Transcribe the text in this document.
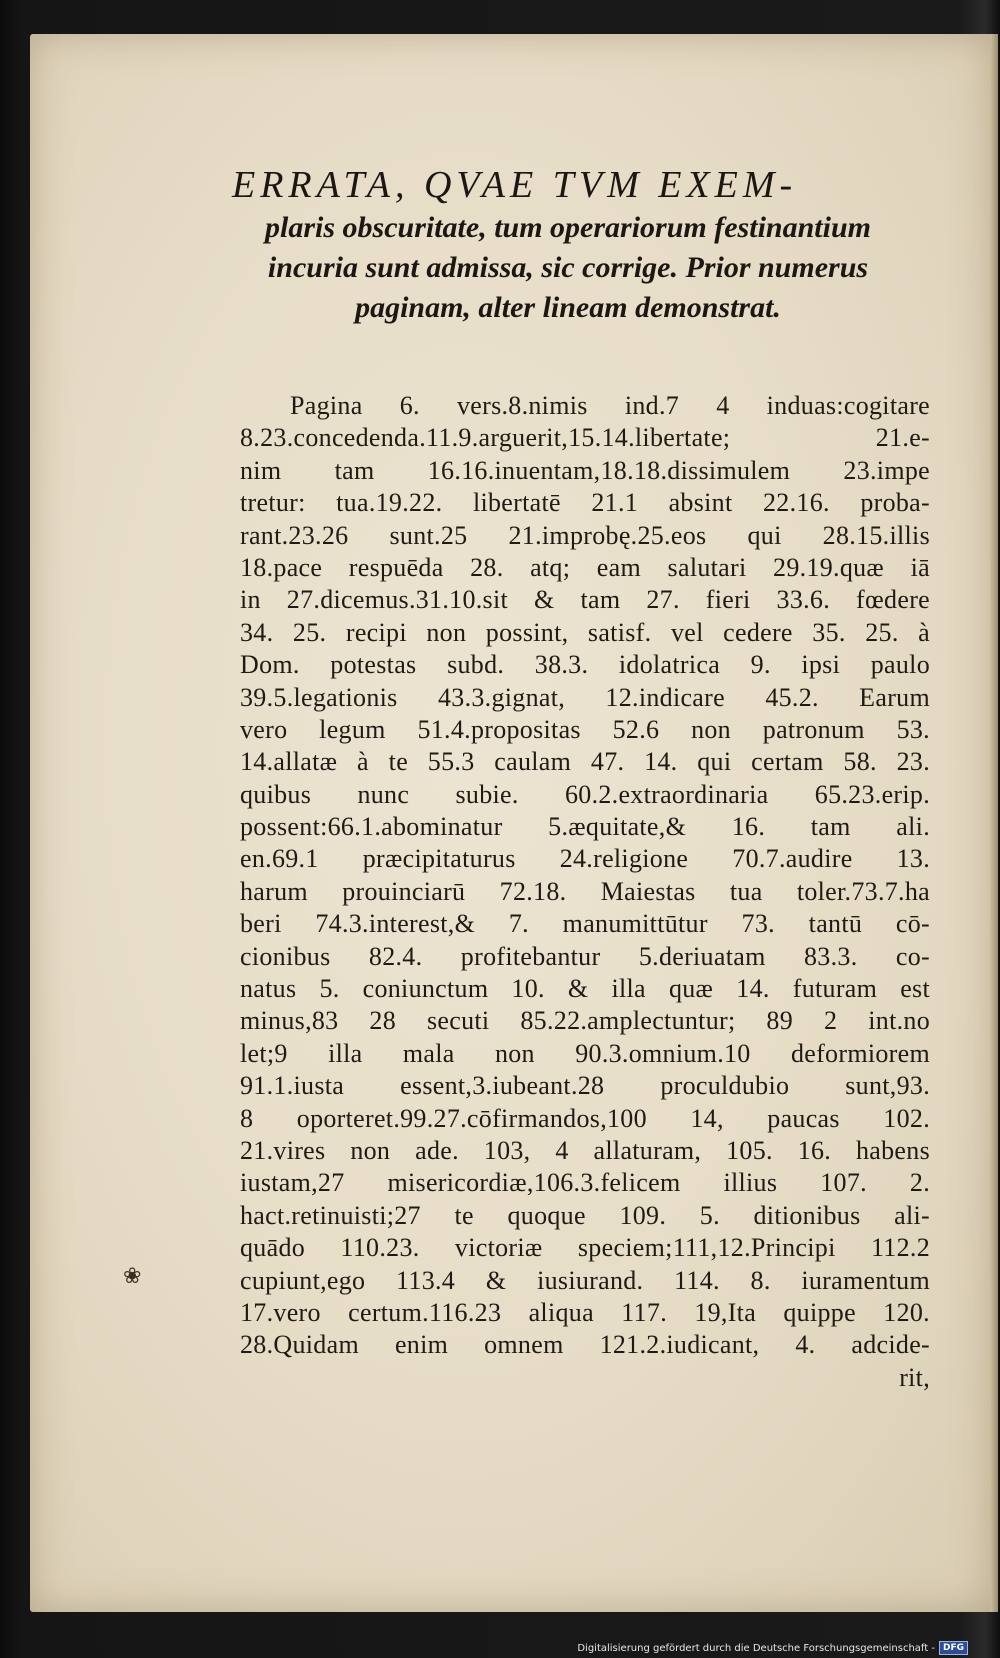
ERRATA, QVAE TVM EXEM-
plaris obscuritate, tum operariorum festinantium incuria sunt admissa, sic corrige. Prior numerus paginam, alter lineam demonstrat.
Pagina 6. vers.8.nimis ind.7 4 induas:cogitare
8.23.concedenda.11.9.arguerit,15.14.libertate; 21.e-
nim tam 16.16.inuentam,18.18.dissimulem 23.impe
tretur: tua.19.22. libertatē 21.1 absint 22.16. proba-
rant.23.26 sunt.25 21.improbę.25.eos qui 28.15.illis
18.pace respuēda 28. atq; eam salutari 29.19.quæ iā
in 27.dicemus.31.10.sit & tam 27. fieri 33.6. fœdere
34. 25. recipi non possint, satisf. vel cedere 35. 25. à
Dom. potestas subd. 38.3. idolatrica 9. ipsi paulo
39.5.legationis 43.3.gignat, 12.indicare 45.2. Earum
vero legum 51.4.propositas 52.6 non patronum 53.
14.allatæ à te 55.3 caulam 47. 14. qui certam 58. 23.
quibus nunc subie. 60.2.extraordinaria 65.23.erip.
possent:66.1.abominatur 5.æquitate,& 16. tam ali.
en.69.1 præcipitaturus 24.religione 70.7.audire 13.
harum prouinciarū 72.18. Maiestas tua toler.73.7.ha
beri 74.3.interest,& 7. manumittūtur 73. tantū cō-
cionibus 82.4. profitebantur 5.deriuatam 83.3. co-
natus 5. coniunctum 10. & illa quæ 14. futuram est
minus,83 28 secuti 85.22.amplectuntur; 89 2 int.no
let;9 illa mala non 90.3.omnium.10 deformiorem
91.1.iusta essent,3.iubeant.28 proculdubio sunt,93.
8 oporteret.99.27.cōfirmandos,100 14, paucas 102.
21.vires non ade. 103, 4 allaturam, 105. 16. habens
iustam,27 misericordiæ,106.3.felicem illius 107. 2.
hact.retinuisti;27 te quoque 109. 5. ditionibus ali-
quādo 110.23. victoriæ speciem;111,12.Principi 112.2
cupiunt,ego 113.4 & iusiurand. 114. 8. iuramentum
17.vero certum.116.23 aliqua 117. 19,Ita quippe 120.
28.Quidam enim omnem 121.2.iudicant, 4. adcide-
rit,
❀
Digitalisierung gefördert durch die Deutsche Forschungsgemeinschaft - DFG
